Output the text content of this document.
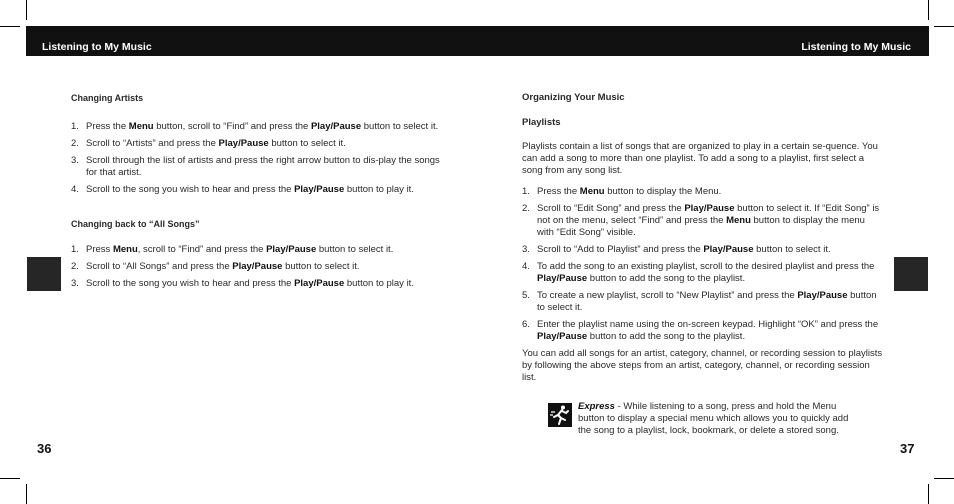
Listening to My Music	Listening to My Music
36	37

Changing Artists

1. Press the Menu button, scroll to “Find” and press the Play/Pause button to select it.
2. Scroll to “Artists” and press the Play/Pause button to select it.
3. Scroll through the list of artists and press the right arrow button to dis-play the songs for that artist.
4. Scroll to the song you wish to hear and press the Play/Pause button to play it.

Changing back to “All Songs”

1. Press Menu, scroll to “Find” and press the Play/Pause button to select it.
2. Scroll to “All Songs” and press the Play/Pause button to select it.
3. Scroll to the song you wish to hear and press the Play/Pause button to play it.

Organizing Your Music

Playlists

Playlists contain a list of songs that are organized to play in a certain se-quence. You can add a song to more than one playlist. To add a song to a playlist, first select a song from any song list.

1. Press the Menu button to display the Menu.
2. Scroll to “Edit Song” and press the Play/Pause button to select it. If “Edit Song” is not on the menu, select “Find” and press the Menu button to display the menu with “Edit Song” visible.
3. Scroll to “Add to Playlist” and press the Play/Pause button to select it.
4. To add the song to an existing playlist, scroll to the desired playlist and press the Play/Pause button to add the song to the playlist.
5. To create a new playlist, scroll to “New Playlist” and press the Play/Pause button to select it.
6. Enter the playlist name using the on-screen keypad. Highlight “OK” and press the Play/Pause button to add the song to the playlist.

You can add all songs for an artist, category, channel, or recording session to playlists by following the above steps from an artist, category, channel, or recording session list.

Express - While listening to a song, press and hold the Menu button to display a special menu which allows you to quickly add the song to a playlist, lock, bookmark, or delete a stored song.
